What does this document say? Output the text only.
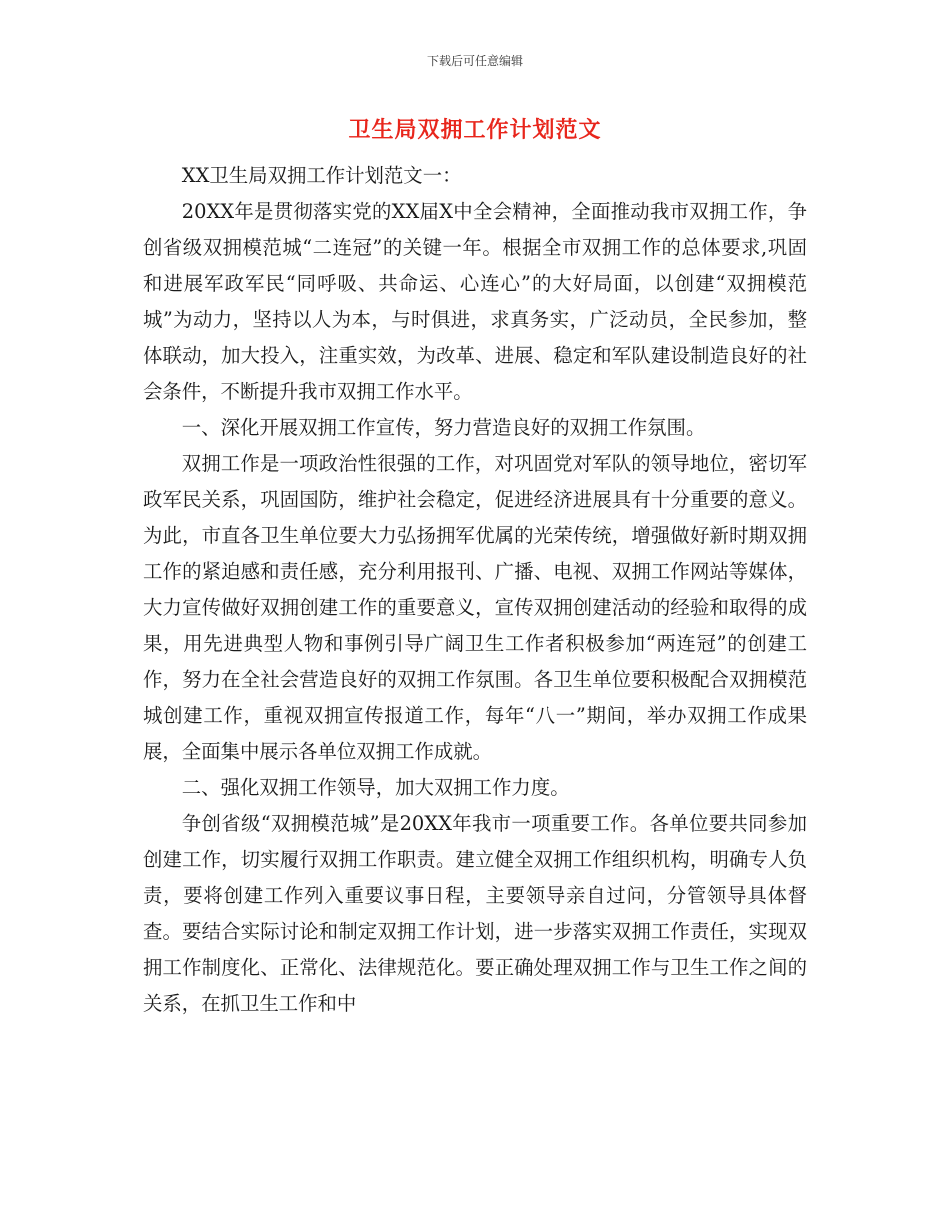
下载后可任意编辑
卫生局双拥工作计划范文

XX卫生局双拥工作计划范文一：

20XX年是贯彻落实党的XX届X中全会精神，全面推动我市双拥工作，争创省级双拥模范城“二连冠”的关键一年。根据全市双拥工作的总体要求,巩固和进展军政军民“同呼吸、共命运、心连心”的大好局面，以创建“双拥模范城”为动力，坚持以人为本，与时俱进，求真务实，广泛动员，全民参加，整体联动，加大投入，注重实效，为改革、进展、稳定和军队建设制造良好的社会条件，不断提升我市双拥工作水平。

一、深化开展双拥工作宣传，努力营造良好的双拥工作氛围。

双拥工作是一项政治性很强的工作，对巩固党对军队的领导地位，密切军政军民关系，巩固国防，维护社会稳定，促进经济进展具有十分重要的意义。为此，市直各卫生单位要大力弘扬拥军优属的光荣传统，增强做好新时期双拥工作的紧迫感和责任感，充分利用报刊、广播、电视、双拥工作网站等媒体，大力宣传做好双拥创建工作的重要意义，宣传双拥创建活动的经验和取得的成果，用先进典型人物和事例引导广阔卫生工作者积极参加“两连冠”的创建工作，努力在全社会营造良好的双拥工作氛围。各卫生单位要积极配合双拥模范城创建工作，重视双拥宣传报道工作，每年“八一”期间，举办双拥工作成果展，全面集中展示各单位双拥工作成就。

二、强化双拥工作领导，加大双拥工作力度。

争创省级“双拥模范城”是20XX年我市一项重要工作。各单位要共同参加创建工作，切实履行双拥工作职责。建立健全双拥工作组织机构，明确专人负责，要将创建工作列入重要议事日程，主要领导亲自过问，分管领导具体督查。要结合实际讨论和制定双拥工作计划，进一步落实双拥工作责任，实现双拥工作制度化、正常化、法律规范化。要正确处理双拥工作与卫生工作之间的关系，在抓卫生工作和中
